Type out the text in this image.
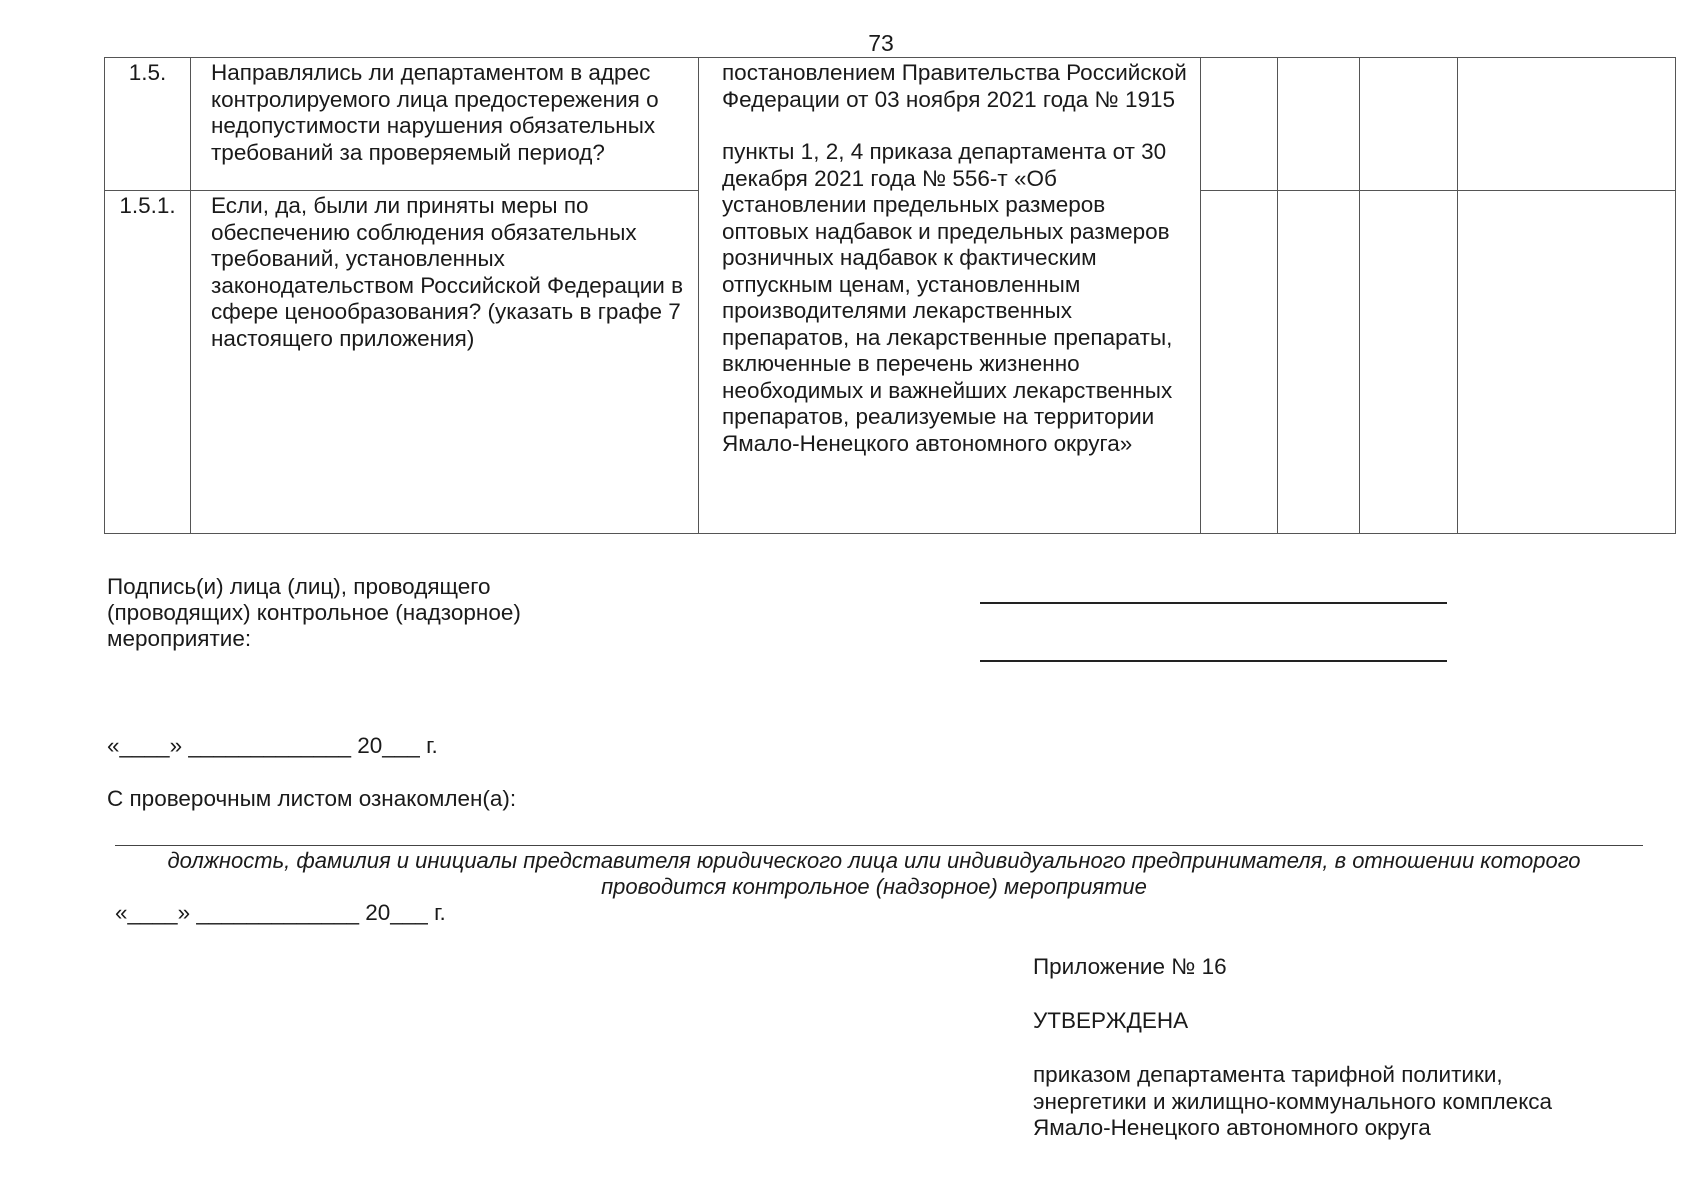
73
1.5.	Направлялись ли департаментом в адрес контролируемого лица предостережения о недопустимости нарушения обязательных требований за проверяемый период?	постановлением Правительства Российской Федерации от 03 ноября 2021 года № 1915
пункты 1, 2, 4 приказа департамента от 30 декабря 2021 года № 556-т «Об установлении предельных размеров оптовых надбавок и предельных размеров розничных надбавок к фактическим отпускным ценам, установленным производителями лекарственных препаратов, на лекарственные препараты, включенные в перечень жизненно необходимых и важнейших лекарственных препаратов, реализуемые на территории Ямало-Ненецкого автономного округа»				

1.5.1.	Если, да, были ли приняты меры по обеспечению соблюдения обязательных требований, установленных законодательством Российской Федерации в сфере ценообразования? (указать в графе 7 настоящего приложения)					
Подпись(и) лица (лиц), проводящего (проводящих) контрольное (надзорное) мероприятие:
«____» _____________ 20___ г.
С проверочным листом ознакомлен(а):
должность, фамилия и инициалы представителя юридического лица или индивидуального предпринимателя, в отношении которого проводится контрольное (надзорное) мероприятие
«____» _____________ 20___ г.
Приложение № 16
УТВЕРЖДЕНА
приказом департамента тарифной политики,
энергетики и жилищно-коммунального комплекса
Ямало-Ненецкого автономного округа
